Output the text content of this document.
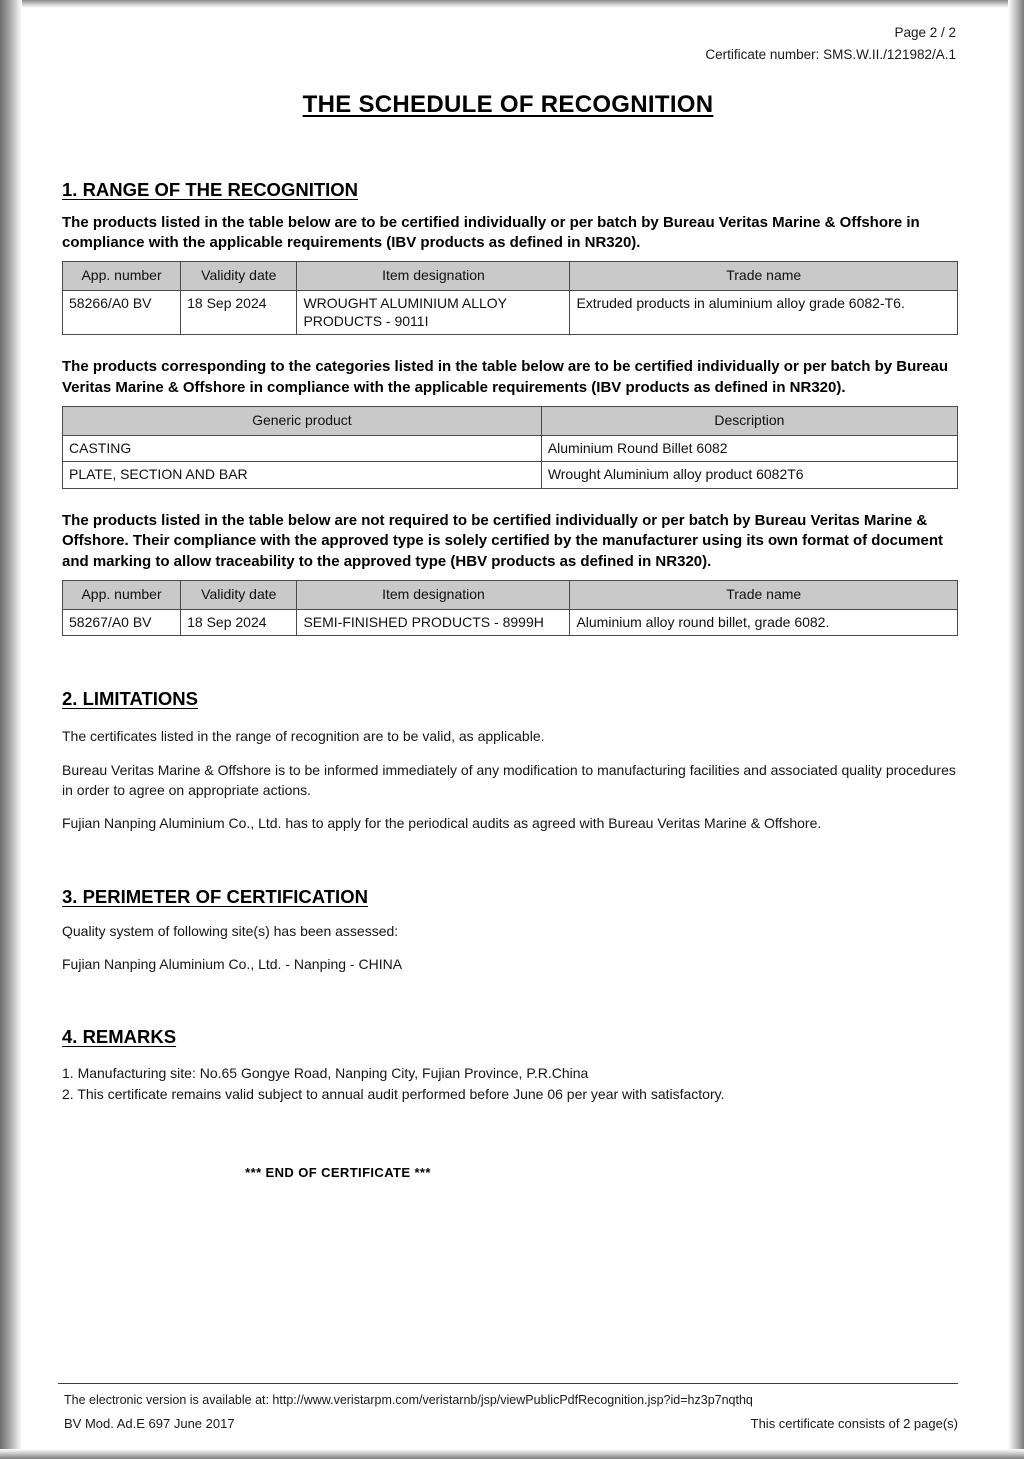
Page 2 / 2
Certificate number: SMS.W.II./121982/A.1
THE SCHEDULE OF RECOGNITION
1. RANGE OF THE RECOGNITION

The products listed in the table below are to be certified individually or per batch by Bureau Veritas Marine & Offshore in compliance with the applicable requirements (IBV products as defined in NR320).

App. number	Validity date	Item designation	Trade name
58266/A0 BV	18 Sep 2024	WROUGHT ALUMINIUM ALLOY PRODUCTS - 9011I	Extruded products in aluminium alloy grade 6082-T6.

The products corresponding to the categories listed in the table below are to be certified individually or per batch by Bureau Veritas Marine & Offshore in compliance with the applicable requirements (IBV products as defined in NR320).

Generic product	Description
CASTING	Aluminium Round Billet 6082
PLATE, SECTION AND BAR	Wrought Aluminium alloy product 6082T6

The products listed in the table below are not required to be certified individually or per batch by Bureau Veritas Marine & Offshore. Their compliance with the approved type is solely certified by the manufacturer using its own format of document and marking to allow traceability to the approved type (HBV products as defined in NR320).

App. number	Validity date	Item designation	Trade name
58267/A0 BV	18 Sep 2024	SEMI-FINISHED PRODUCTS - 8999H	Aluminium alloy round billet, grade 6082.
2. LIMITATIONS

The certificates listed in the range of recognition are to be valid, as applicable.

Bureau Veritas Marine & Offshore is to be informed immediately of any modification to manufacturing facilities and associated quality procedures in order to agree on appropriate actions.

Fujian Nanping Aluminium Co., Ltd. has to apply for the periodical audits as agreed with Bureau Veritas Marine & Offshore.

3. PERIMETER OF CERTIFICATION

Quality system of following site(s) has been assessed:

Fujian Nanping Aluminium Co., Ltd. - Nanping - CHINA

4. REMARKS
1. Manufacturing site: No.65 Gongye Road, Nanping City, Fujian Province, P.R.China
2. This certificate remains valid subject to annual audit performed before June 06 per year with satisfactory.
*** END OF CERTIFICATE ***
The electronic version is available at: http://www.veristarpm.com/veristarnb/jsp/viewPublicPdfRecognition.jsp?id=hz3p7nqthq
BV Mod. Ad.E 697 June 2017	This certificate consists of 2 page(s)
